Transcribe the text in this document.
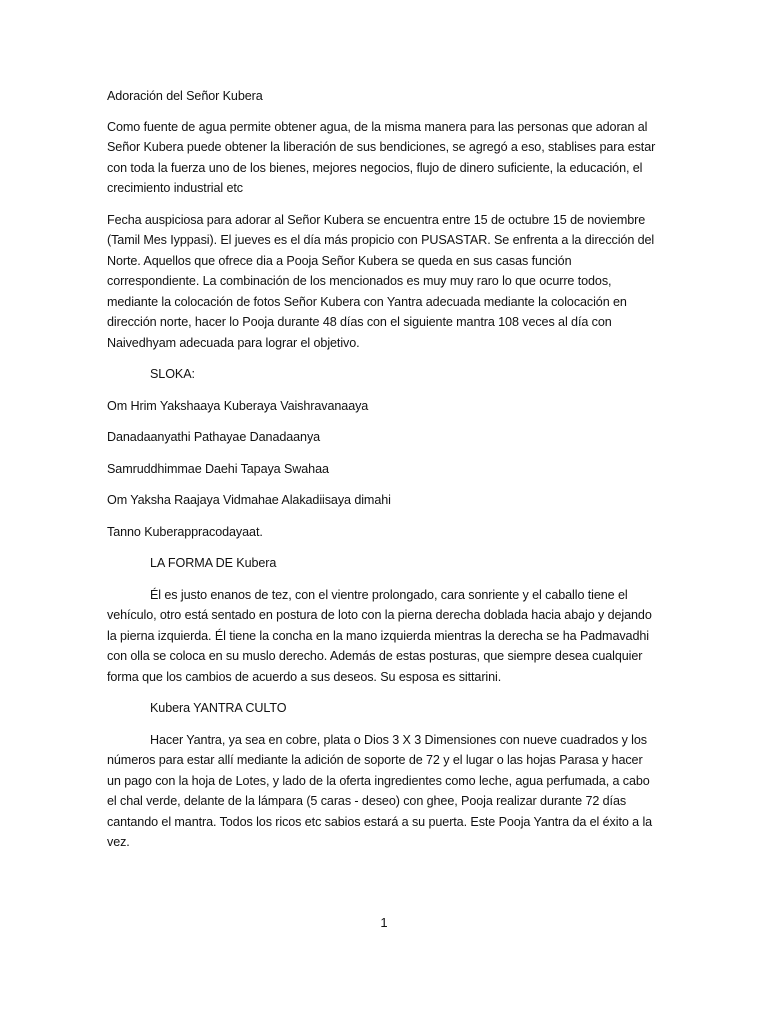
Adoración del Señor Kubera

Como fuente de agua permite obtener agua, de la misma manera para las personas que adoran al Señor Kubera puede obtener la liberación de sus bendiciones, se agregó a eso, stablises para estar con toda la fuerza uno de los bienes, mejores negocios, flujo de dinero suficiente, la educación, el crecimiento industrial etc

Fecha auspiciosa para adorar al Señor Kubera se encuentra entre 15 de octubre 15 de noviembre (Tamil Mes Iyppasi). El jueves es el día más propicio con PUSASTAR. Se enfrenta a la dirección del Norte. Aquellos que ofrece dia a Pooja Señor Kubera se queda en sus casas función correspondiente. La combinación de los mencionados es muy muy raro lo que ocurre todos, mediante la colocación de fotos Señor Kubera con Yantra adecuada mediante la colocación en dirección norte, hacer lo Pooja durante 48 días con el siguiente mantra 108 veces al día con Naivedhyam adecuada para lograr el objetivo.

SLOKA:

Om Hrim Yakshaaya Kuberaya Vaishravanaaya

Danadaanyathi Pathayae Danadaanya

Samruddhimmae Daehi Tapaya Swahaa

Om Yaksha Raajaya Vidmahae Alakadiisaya dimahi

Tanno Kuberappracodayaat.

LA FORMA DE Kubera

Él es justo enanos de tez, con el vientre prolongado, cara sonriente y el caballo tiene el vehículo, otro está sentado en postura de loto con la pierna derecha doblada hacia abajo y dejando la pierna izquierda. Él tiene la concha en la mano izquierda mientras la derecha se ha Padmavadhi con olla se coloca en su muslo derecho. Además de estas posturas, que siempre desea cualquier forma que los cambios de acuerdo a sus deseos. Su esposa es sittarini.

Kubera YANTRA CULTO

Hacer Yantra, ya sea en cobre, plata o Dios 3 X 3 Dimensiones con nueve cuadrados y los números para estar allí mediante la adición de soporte de 72 y el lugar o las hojas Parasa y hacer un pago con la hoja de Lotes, y lado de la oferta ingredientes como leche, agua perfumada, a cabo el chal verde, delante de la lámpara (5 caras - deseo) con ghee, Pooja realizar durante 72 días cantando el mantra. Todos los ricos etc sabios estará a su puerta. Este Pooja Yantra da el éxito a la vez.

1
